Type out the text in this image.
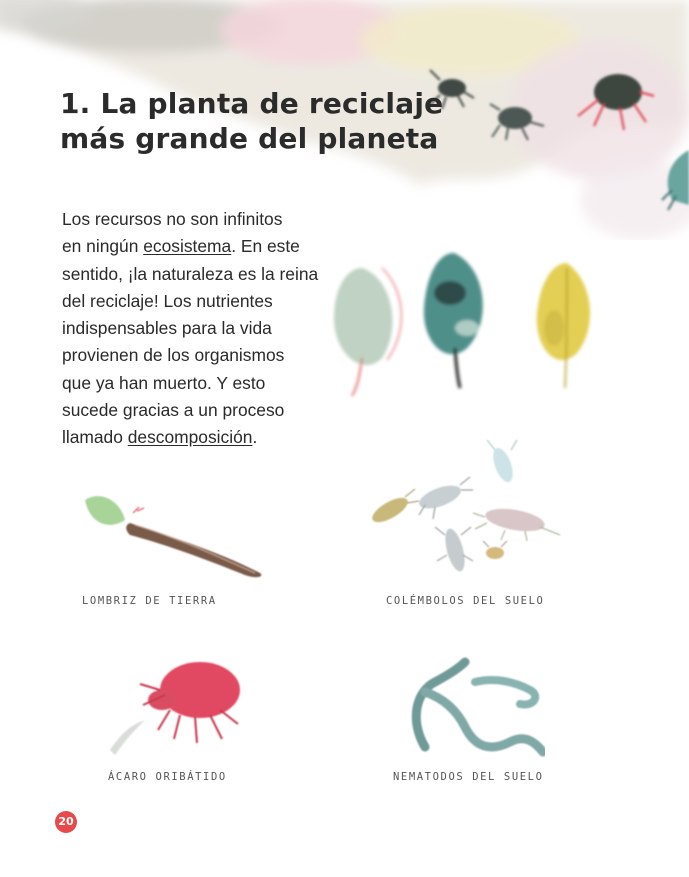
1. La planta de reciclaje
más grande del planeta
Los recursos no son infinitos
en ningún ecosistema. En este
sentido, ¡la naturaleza es la reina
del reciclaje! Los nutrientes
indispensables para la vida
provienen de los organismos
que ya han muerto. Y esto
sucede gracias a un proceso
llamado descomposición.
LOMBRIZ DE TIERRA	COLÉMBOLOS DEL SUELO
ÁCARO ORIBÁTIDO	NEMATODOS DEL SUELO
20
